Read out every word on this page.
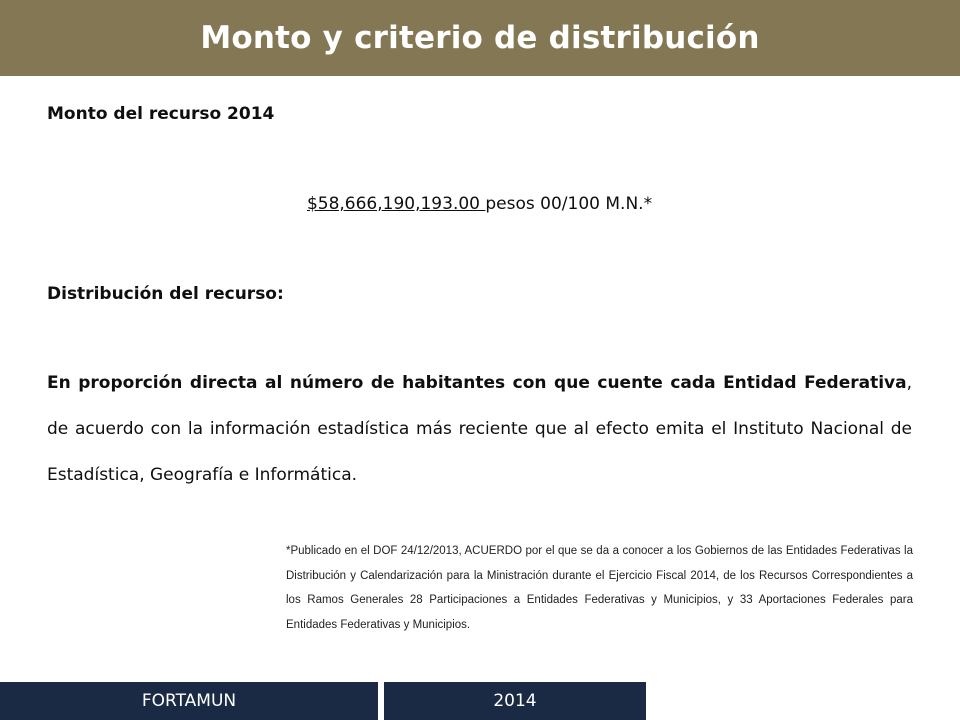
Monto y criterio de distribución

Monto del recurso 2014

$58,666,190,193.00 pesos 00/100 M.N.*

Distribución del recurso:

En proporción directa al número de habitantes con que cuente cada Entidad Federativa, de acuerdo con la información estadística más reciente que al efecto emita el Instituto Nacional de Estadística, Geografía e Informática.

*Publicado en el DOF 24/12/2013, ACUERDO por el que se da a conocer a los Gobiernos de las Entidades Federativas la Distribución y Calendarización para la Ministración durante el Ejercicio Fiscal 2014, de los Recursos Correspondientes a los Ramos Generales 28 Participaciones a Entidades Federativas y Municipios, y 33 Aportaciones Federales para Entidades Federativas y Municipios.

FORTAMUN	2014
